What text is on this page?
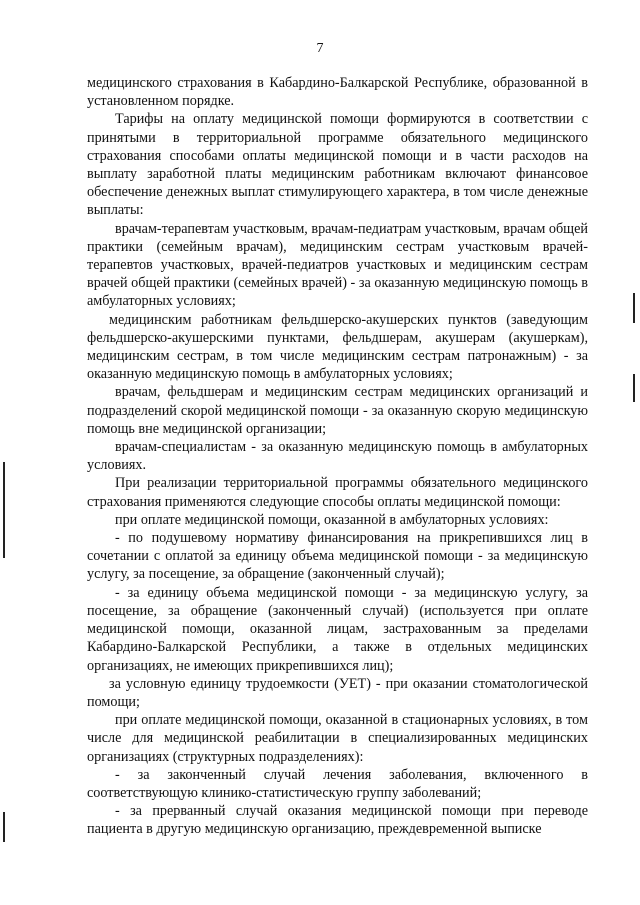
7

медицинского страхования в Кабардино-Балкарской Республике, образованной в установленном порядке.

Тарифы на оплату медицинской помощи формируются в соответствии с принятыми в территориальной программе обязательного медицинского страхования способами оплаты медицинской помощи и в части расходов на выплату заработной платы медицинским работникам включают финансовое обеспечение денежных выплат стимулирующего характера, в том числе денежные выплаты:

врачам-терапевтам участковым, врачам-педиатрам участковым, врачам общей практики (семейным врачам), медицинским сестрам участковым врачей-терапевтов участковых, врачей-педиатров участковых и медицинским сестрам врачей общей практики (семейных врачей) - за оказанную медицинскую помощь в амбулаторных условиях;

медицинским работникам фельдшерско-акушерских пунктов (заведующим фельдшерско-акушерскими пунктами, фельдшерам, акушерам (акушеркам), медицинским сестрам, в том числе медицинским сестрам патронажным) - за оказанную медицинскую помощь в амбулаторных условиях;

врачам, фельдшерам и медицинским сестрам медицинских организаций и подразделений скорой медицинской помощи - за оказанную скорую медицинскую помощь вне медицинской организации;

врачам-специалистам - за оказанную медицинскую помощь в амбулаторных условиях.

При реализации территориальной программы обязательного медицинского страхования применяются следующие способы оплаты медицинской помощи:

при оплате медицинской помощи, оказанной в амбулаторных условиях:

- по подушевому нормативу финансирования на прикрепившихся лиц в сочетании с оплатой за единицу объема медицинской помощи - за медицинскую услугу, за посещение, за обращение (законченный случай);

- за единицу объема медицинской помощи - за медицинскую услугу, за посещение, за обращение (законченный случай) (используется при оплате медицинской помощи, оказанной лицам, застрахованным за пределами Кабардино-Балкарской Республики, а также в отдельных медицинских организациях, не имеющих прикрепившихся лиц);

за условную единицу трудоемкости (УЕТ) - при оказании стоматологической помощи;

при оплате медицинской помощи, оказанной в стационарных условиях, в том числе для медицинской реабилитации в специализированных медицинских организациях (структурных подразделениях):

- за законченный случай лечения заболевания, включенного в соответствующую клинико-статистическую группу заболеваний;

- за прерванный случай оказания медицинской помощи при переводе пациента в другую медицинскую организацию, преждевременной выписке
